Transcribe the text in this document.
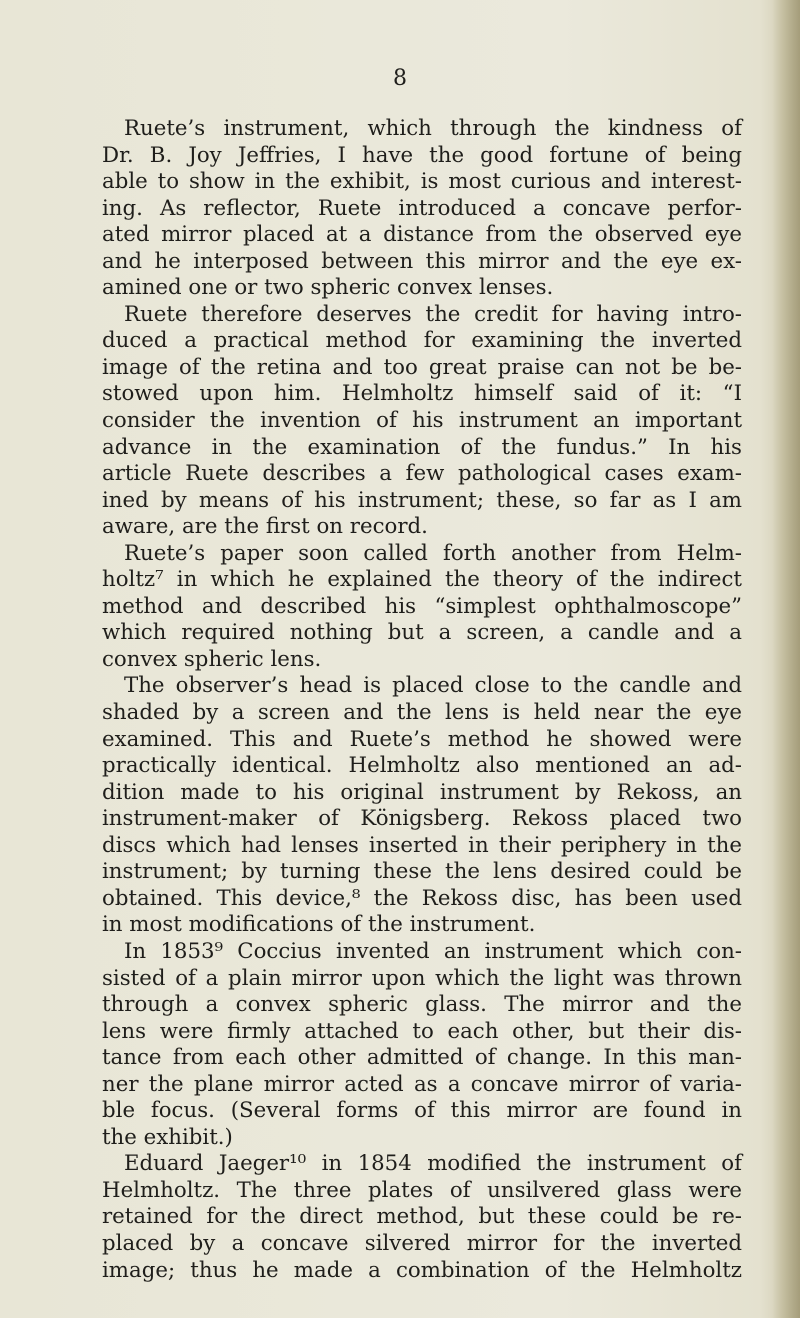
8
Ruete’s instrument, which through the kindness of
Dr. B. Joy Jeffries, I have the good fortune of being
able to show in the exhibit, is most curious and interest-
ing. As reflector, Ruete introduced a concave perfor-
ated mirror placed at a distance from the observed eye
and he interposed between this mirror and the eye ex-
amined one or two spheric convex lenses.
Ruete therefore deserves the credit for having intro-
duced a practical method for examining the inverted
image of the retina and too great praise can not be be-
stowed upon him. Helmholtz himself said of it: “I
consider the invention of his instrument an important
advance in the examination of the fundus.” In his
article Ruete describes a few pathological cases exam-
ined by means of his instrument; these, so far as I am
aware, are the first on record.
Ruete’s paper soon called forth another from Helm-
holtz⁷ in which he explained the theory of the indirect
method and described his “simplest ophthalmoscope”
which required nothing but a screen, a candle and a
convex spheric lens.
The observer’s head is placed close to the candle and
shaded by a screen and the lens is held near the eye
examined. This and Ruete’s method he showed were
practically identical. Helmholtz also mentioned an ad-
dition made to his original instrument by Rekoss, an
instrument-maker of Königsberg. Rekoss placed two
discs which had lenses inserted in their periphery in the
instrument; by turning these the lens desired could be
obtained. This device,⁸ the Rekoss disc, has been used
in most modifications of the instrument.
In 1853⁹ Coccius invented an instrument which con-
sisted of a plain mirror upon which the light was thrown
through a convex spheric glass. The mirror and the
lens were firmly attached to each other, but their dis-
tance from each other admitted of change. In this man-
ner the plane mirror acted as a concave mirror of varia-
ble focus. (Several forms of this mirror are found in
the exhibit.)
Eduard Jaeger¹⁰ in 1854 modified the instrument of
Helmholtz. The three plates of unsilvered glass were
retained for the direct method, but these could be re-
placed by a concave silvered mirror for the inverted
image; thus he made a combination of the Helmholtz
